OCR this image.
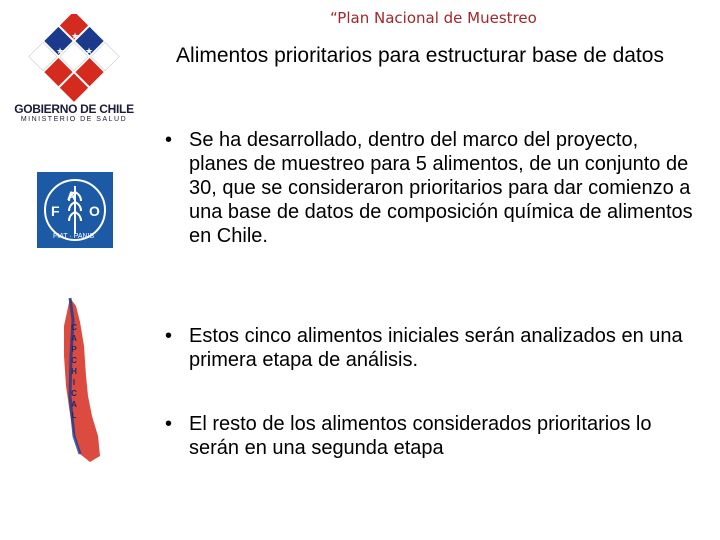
“Plan Nacional de Muestreo
Alimentos prioritarios para estructurar base de datos
★ ★
★
★
GOBIERNO DE CHILE
MINISTERIO DE SALUD
F
A
O
FIAT · PANIS
C
A
P
C
H
I
C
A
L
• Se ha desarrollado, dentro del marco del proyecto, planes de muestreo para 5 alimentos, de un conjunto de 30, que se consideraron prioritarios para dar comienzo a una base de datos de composición química de alimentos en Chile.
• Estos cinco alimentos iniciales serán analizados en una primera etapa de análisis.
• El resto de los alimentos considerados prioritarios lo serán en una segunda etapa
